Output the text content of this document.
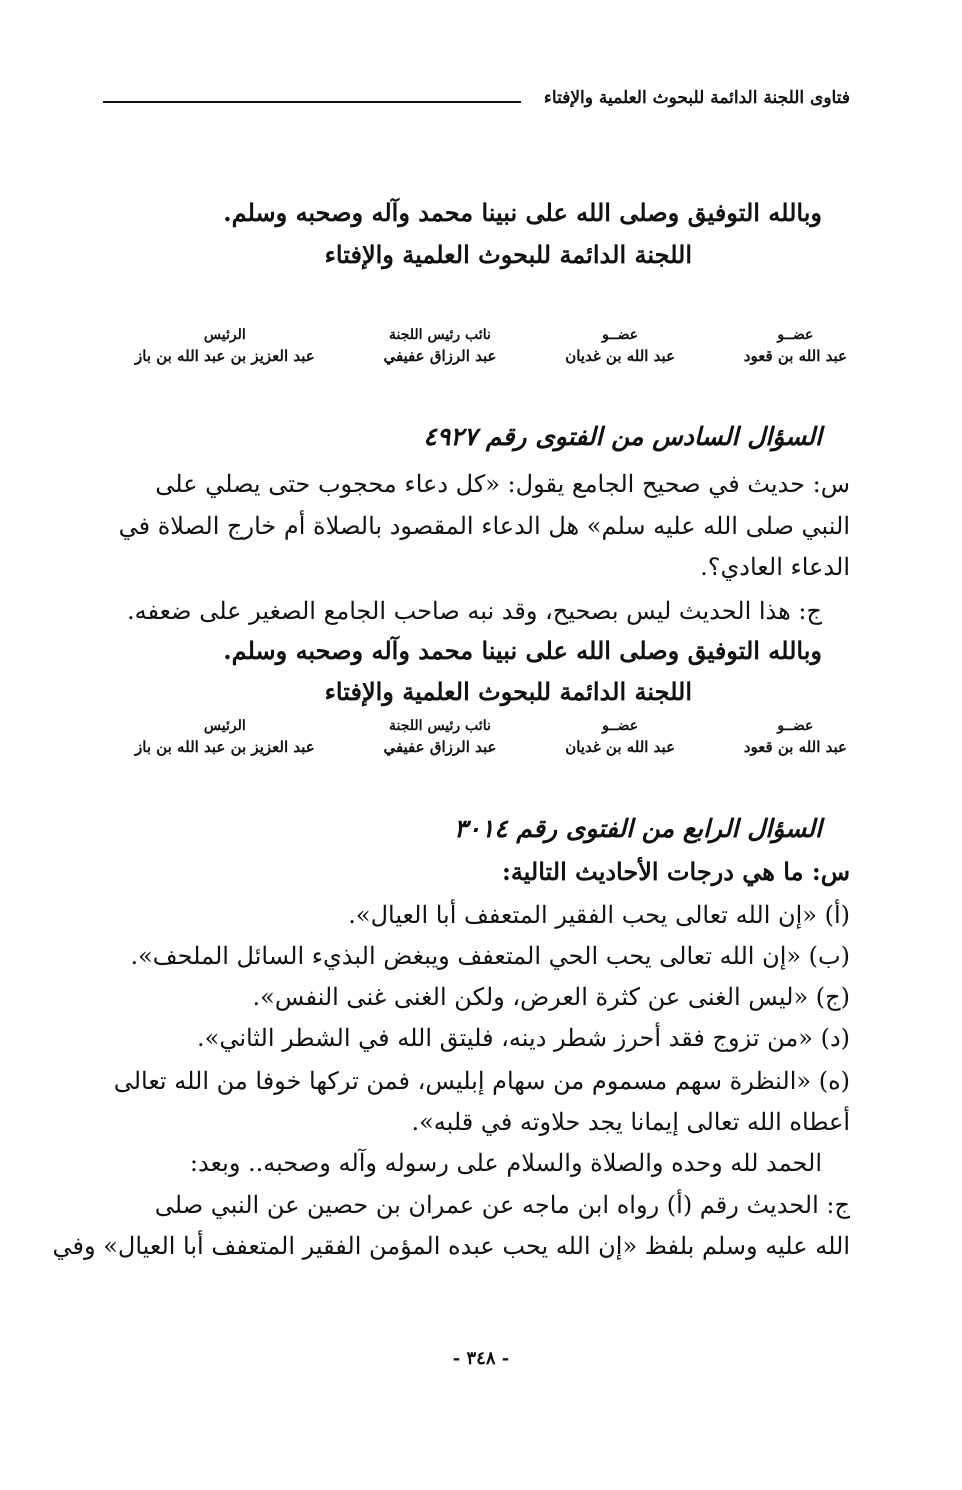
فتاوى اللجنة الدائمة للبحوث العلمية والإفتاء
وبالله التوفيق وصلى الله على نبينا محمد وآله وصحبه وسلم.
اللجنة الدائمة للبحوث العلمية والإفتاء
عضــو
عبد الله بن قعود
عضــو
عبد الله بن غديان
نائب رئيس اللجنة
عبد الرزاق عفيفي
الرئيس
عبد العزيز بن عبد الله بن باز
السؤال السادس من الفتوى رقم ٤٩٢٧
س: حديث في صحيح الجامع يقول: «كل دعاء محجوب حتى يصلي على
النبي صلى الله عليه سلم» هل الدعاء المقصود بالصلاة أم خارج الصلاة في
الدعاء العادي؟.
ج: هذا الحديث ليس بصحيح، وقد نبه صاحب الجامع الصغير على ضعفه.
وبالله التوفيق وصلى الله على نبينا محمد وآله وصحبه وسلم.
اللجنة الدائمة للبحوث العلمية والإفتاء
عضــو
عبد الله بن قعود
عضــو
عبد الله بن غديان
نائب رئيس اللجنة
عبد الرزاق عفيفي
الرئيس
عبد العزيز بن عبد الله بن باز
السؤال الرابع من الفتوى رقم ٣٠١٤
س: ما هي درجات الأحاديث التالية:
(أ) «إن الله تعالى يحب الفقير المتعفف أبا العيال».
(ب) «إن الله تعالى يحب الحي المتعفف ويبغض البذيء السائل الملحف».
(ج) «ليس الغنى عن كثرة العرض، ولكن الغنى غنى النفس».
(د) «من تزوج فقد أحرز شطر دينه، فليتق الله في الشطر الثاني».
(ه) «النظرة سهم مسموم من سهام إبليس، فمن تركها خوفا من الله تعالى
أعطاه الله تعالى إيمانا يجد حلاوته في قلبه».
الحمد لله وحده والصلاة والسلام على رسوله وآله وصحبه.. وبعد:
ج: الحديث رقم (أ) رواه ابن ماجه عن عمران بن حصين عن النبي صلى
الله عليه وسلم بلفظ «إن الله يحب عبده المؤمن الفقير المتعفف أبا العيال» وفي
- ٣٤٨ -
